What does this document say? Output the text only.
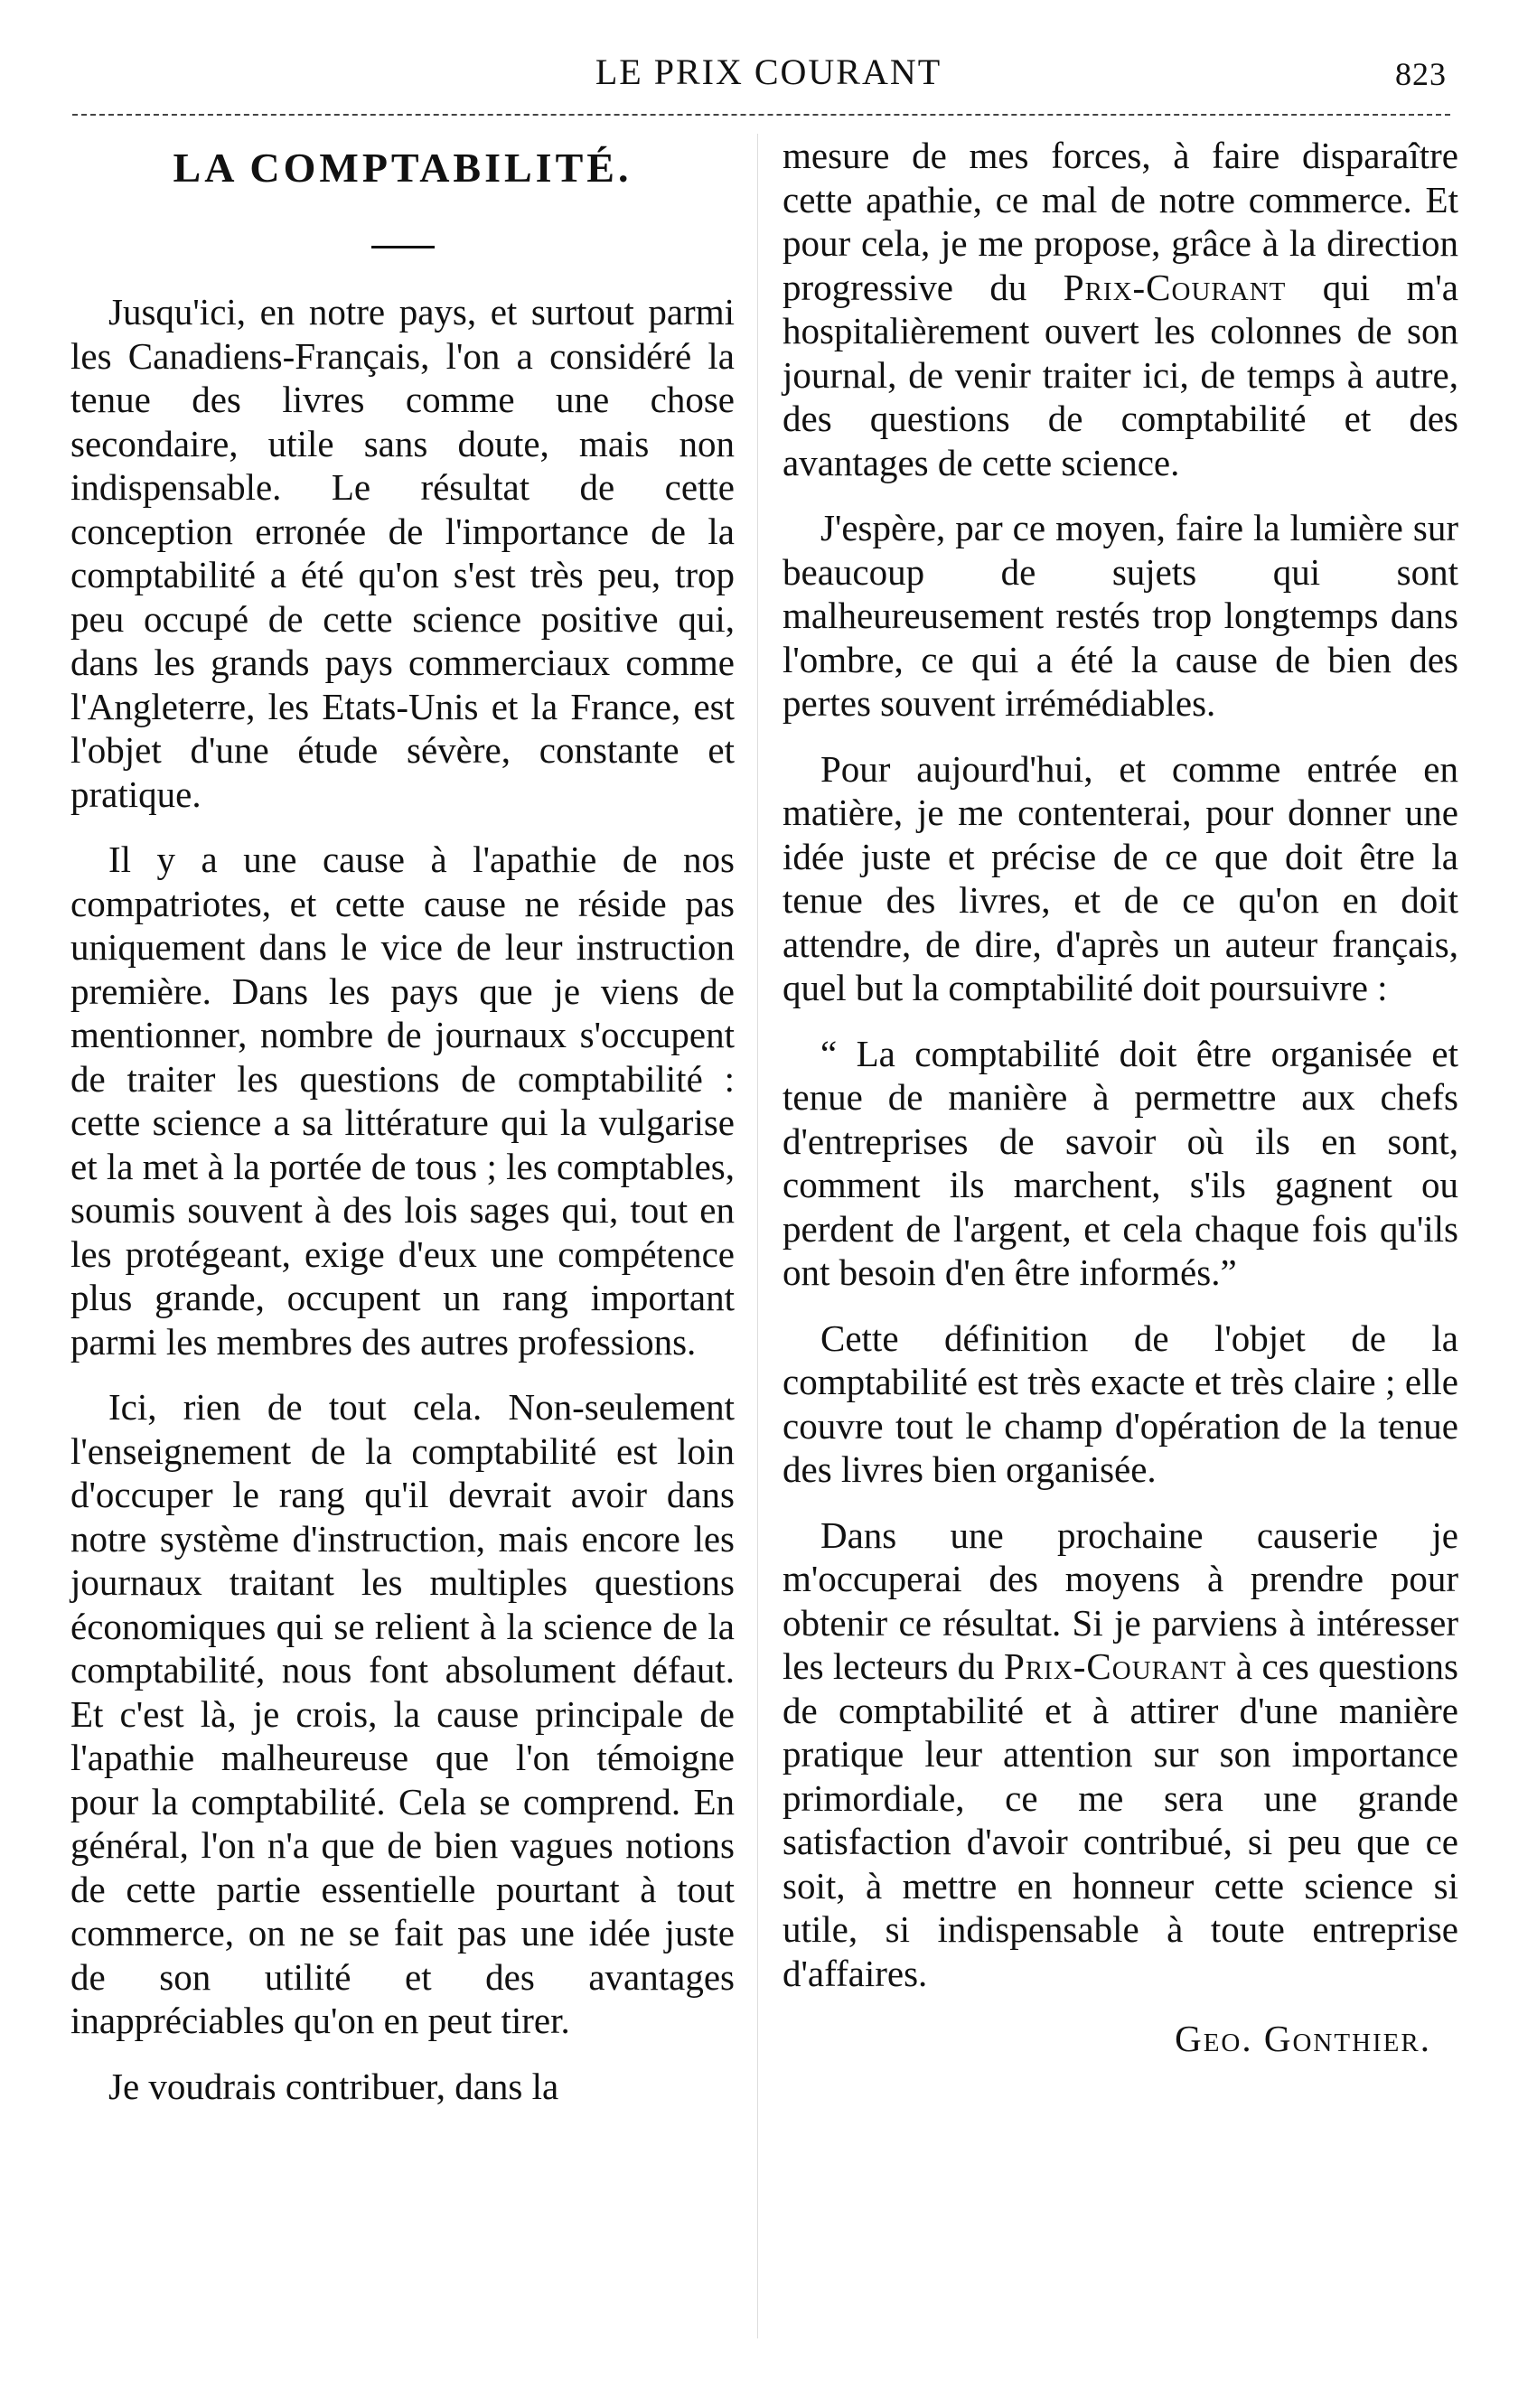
LE PRIX COURANT	823
LA COMPTABILITÉ.

Jusqu'ici, en notre pays, et surtout parmi les Canadiens-Français, l'on a considéré la tenue des livres comme une chose secondaire, utile sans doute, mais non indispensable. Le résultat de cette conception erronée de l'importance de la comptabilité a été qu'on s'est très peu, trop peu occupé de cette science positive qui, dans les grands pays commerciaux comme l'Angleterre, les Etats-Unis et la France, est l'objet d'une étude sévère, constante et pratique.

Il y a une cause à l'apathie de nos compatriotes, et cette cause ne réside pas uniquement dans le vice de leur instruction première. Dans les pays que je viens de mentionner, nombre de journaux s'occupent de traiter les questions de comptabilité : cette science a sa littérature qui la vulgarise et la met à la portée de tous ; les comptables, soumis souvent à des lois sages qui, tout en les protégeant, exige d'eux une compétence plus grande, occupent un rang important parmi les membres des autres professions.

Ici, rien de tout cela. Non-seulement l'enseignement de la comptabilité est loin d'occuper le rang qu'il devrait avoir dans notre système d'instruction, mais encore les journaux traitant les multiples questions économiques qui se relient à la science de la comptabilité, nous font absolument défaut. Et c'est là, je crois, la cause principale de l'apathie malheureuse que l'on témoigne pour la comptabilité. Cela se comprend. En général, l'on n'a que de bien vagues notions de cette partie essentielle pourtant à tout commerce, on ne se fait pas une idée juste de son utilité et des avantages inappréciables qu'on en peut tirer.

Je voudrais contribuer, dans la

mesure de mes forces, à faire disparaître cette apathie, ce mal de notre commerce. Et pour cela, je me propose, grâce à la direction progressive du Prix-Courant qui m'a hospitalièrement ouvert les colonnes de son journal, de venir traiter ici, de temps à autre, des questions de comptabilité et des avantages de cette science.

J'espère, par ce moyen, faire la lumière sur beaucoup de sujets qui sont malheureusement restés trop longtemps dans l'ombre, ce qui a été la cause de bien des pertes souvent irrémédiables.

Pour aujourd'hui, et comme entrée en matière, je me contenterai, pour donner une idée juste et précise de ce que doit être la tenue des livres, et de ce qu'on en doit attendre, de dire, d'après un auteur français, quel but la comptabilité doit poursuivre :

“ La comptabilité doit être organisée et tenue de manière à permettre aux chefs d'entreprises de savoir où ils en sont, comment ils marchent, s'ils gagnent ou perdent de l'argent, et cela chaque fois qu'ils ont besoin d'en être informés.”

Cette définition de l'objet de la comptabilité est très exacte et très claire ; elle couvre tout le champ d'opération de la tenue des livres bien organisée.

Dans une prochaine causerie je m'occuperai des moyens à prendre pour obtenir ce résultat. Si je parviens à intéresser les lecteurs du Prix-Courant à ces questions de comptabilité et à attirer d'une manière pratique leur attention sur son importance primordiale, ce me sera une grande satisfaction d'avoir contribué, si peu que ce soit, à mettre en honneur cette science si utile, si indispensable à toute entreprise d'affaires.

Geo. Gonthier.
